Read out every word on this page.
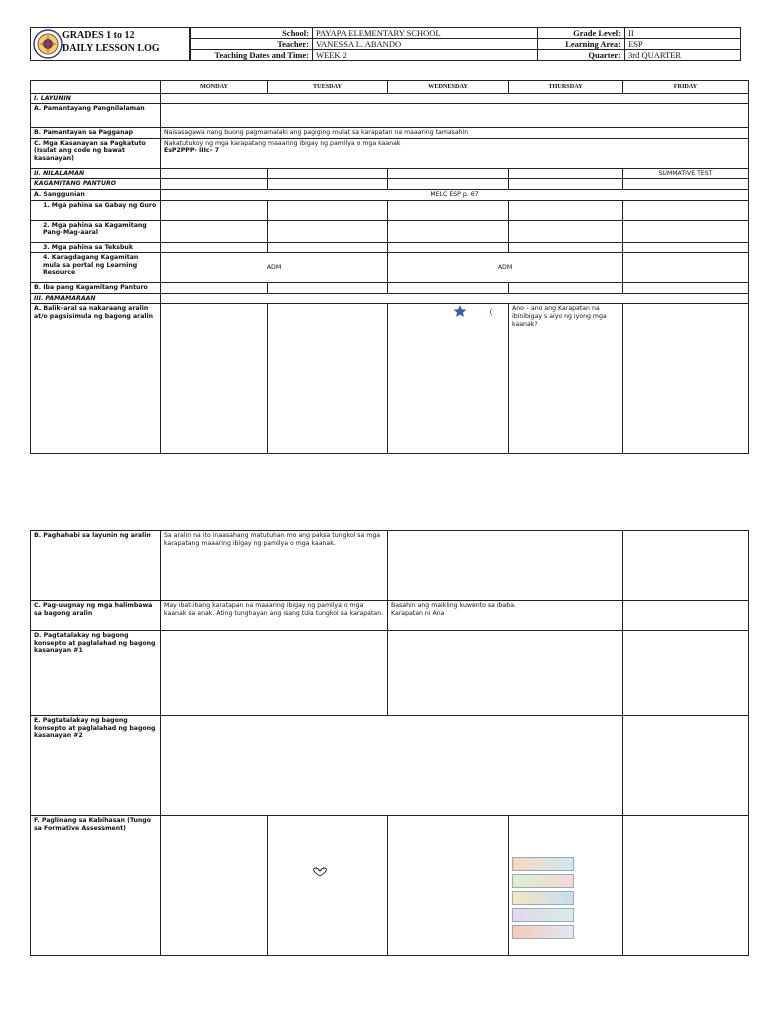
GRADES 1 to 12
DAILY LESSON LOG
School:	PAYAPA ELEMENTARY SCHOOL	Grade Level:	II
Teacher:	VANESSA L. ABANDO	Learning Area:	ESP
Teaching Dates and Time:	WEEK 2	Quarter:	3rd QUARTER
	MONDAY	TUESDAY	WEDNESDAY	THURSDAY	FRIDAY
I. LAYUNIN					
A. Pamantayang Pangnilalaman					
B. Pamantayan sa Pagganap	Naisasagawa nang buong pagmamalaki ang pagiging mulat sa karapatan na maaaring tamasahin				
C. Mga Kasanayan sa Pagkatuto (Isulat ang code ng bawat kasanayan)	Nakatutukoy ng mga karapatang maaaring ibigay ng pamilya o mga kaanak
EsP2PPP- IIIc– 7				

II. NILALAMAN					SUMMATIVE TEST
KAGAMITANG PANTURO					
A. Sanggunian	MELC ESP p. 67				
1. Mga pahina sa Gabay ng Guro					
2. Mga pahina sa Kagamitang Pang-Mag-aaral					
3. Mga pahina sa Teksbuk					
4. Karagdagang Kagamitan mula sa portal ng Learning Resource	ADM		ADM		
B. Iba pang Kagamitang Panturo					
III. PAMAMARAAN					
A. Balik-aral sa nakaraang aralin at/o pagsisimula ng bagong aralin				Ano – ano ang Karapatan na ibinibigay s aiyo ng iyong mga kaanak?	
B. Paghahabi sa layunin ng aralin	Sa aralin na ito inaasahang matutuhan mo ang paksa tungkol sa mga karapatang maaaring ibigay ng pamilya o mga kaanak.				
C. Pag-uugnay ng mga halimbawa sa bagong aralin	May ibat-ibang karatapan na maaaring ibigay ng pamilya o mga kaanak sa anak. Ating tunghayan ang isang tula tungkol sa karapatan.		Basahin ang maikling kuwento sa ibaba.
Karapatan ni Ana		

D. Pagtatalakay ng bagong konsepto at paglalahad ng bagong kasanayan #1					
E. Pagtatalakay ng bagong konsepto at paglalahad ng bagong kasanayan #2					
F. Paglinang sa Kabihasan (Tungo sa Formative Assessment)				
